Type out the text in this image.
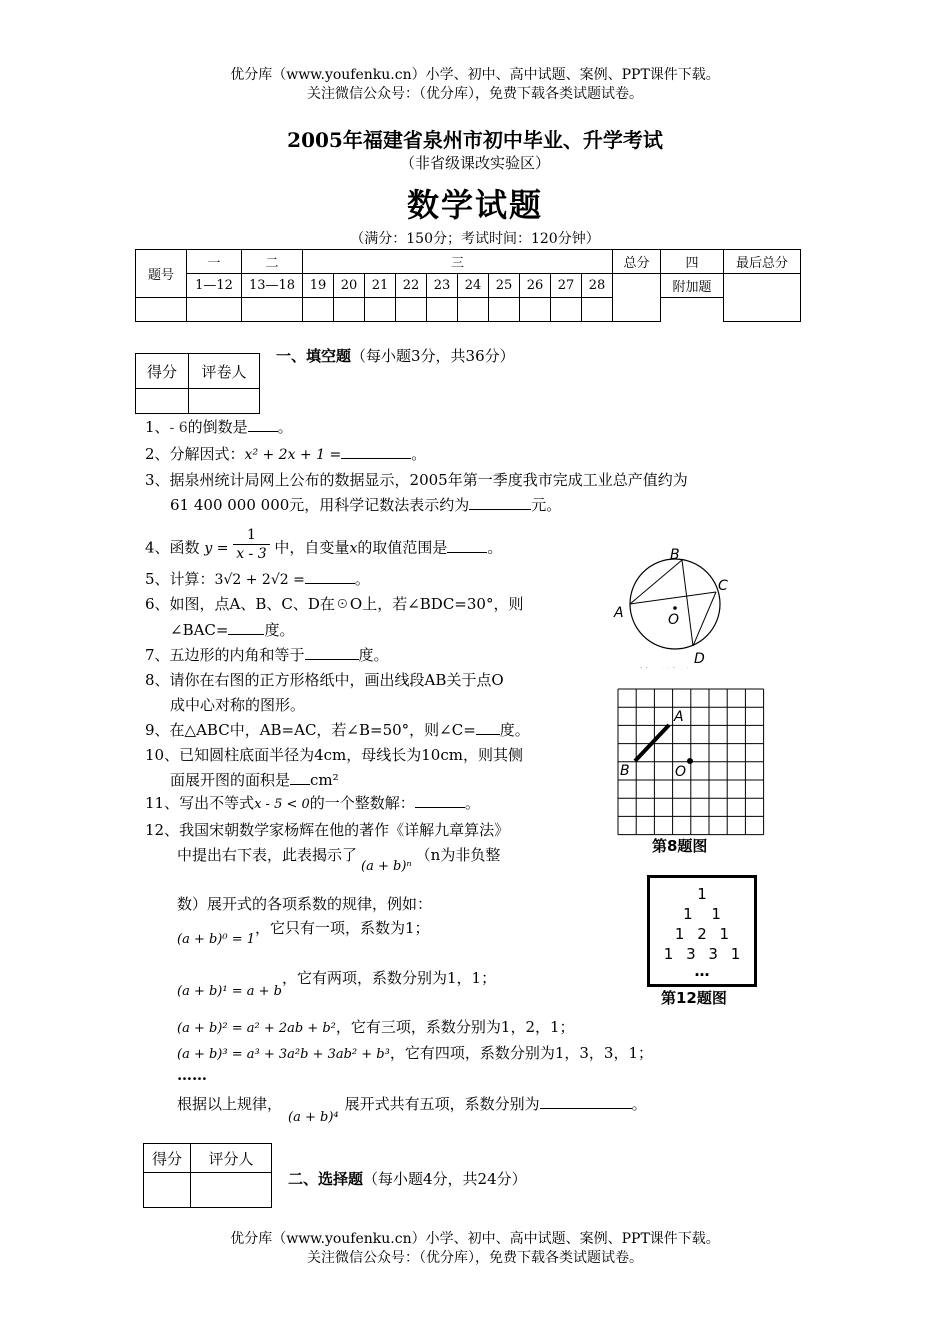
优分库（www.youfenku.cn）小学、初中、高中试题、案例、PPT课件下载。
关注微信公众号：（优分库），免费下载各类试题试卷。
2005年福建省泉州市初中毕业、升学考试
（非省级课改实验区）
数学试题
（满分：150分；考试时间：120分钟）
题号	一	二	三										总分	四	最后总分
	1—12	13—18	19	20	21	22	23	24	25	26	27	28		附加题	

得分	评卷人

一、填空题（每小题3分，共36分）
1、- 6的倒数是 。
2、分解因式：x² + 2x + 1 =	。
3、据泉州统计局网上公布的数据显示，2005年第一季度我市完成工业总产值约为
61 400 000 000元，用科学记数法表示约为	元。
4、函数 $y = \frac{1}{x - 3}$ 中，自变量x的取值范围是	。
5、计算：3√2 + 2√2 =	。
6、如图，点A、B、C、D在☉O上，若∠BDC=30°，则
∠BAC= 度。
7、五边形的内角和等于	度。
8、请你在右图的正方形格纸中，画出线段AB关于点O
成中心对称的图形。
9、在△ABC中，AB=AC，若∠B=50°，则∠C= 度。
10、已知圆柱底面半径为4cm，母线长为10cm，则其侧
面展开图的面积是 cm²
11、写出不等式x - 5 < 0的一个整数解：	。
12、我国宋朝数学家杨辉在他的著作《详解九章算法》
中提出右下表，此表揭示了(a + b)ⁿ（n为非负整
数）展开式的各项系数的规律，例如：
(a + b)⁰ = 1，它只有一项，系数为1；
(a + b)¹ = a + b，它有两项，系数分别为1，1；
(a + b)² = a² + 2ab + b²，它有三项，系数分别为1，2，1；
(a + b)³ = a³ + 3a²b + 3ab² + b³，它有四项，系数分别为1，3，3，1；
……
根据以上规律，(a + b)⁴展开式共有五项，系数分别为	。
得分	评分人

二、选择题（每小题4分，共24分）
B
A
C
D
O
A
B	O
第8题图
1
1 1
1 2 1
1 3 3 1
…
第12题图
优分库（www.youfenku.cn）小学、初中、高中试题、案例、PPT课件下载。
关注微信公众号：（优分库），免费下载各类试题试卷。
